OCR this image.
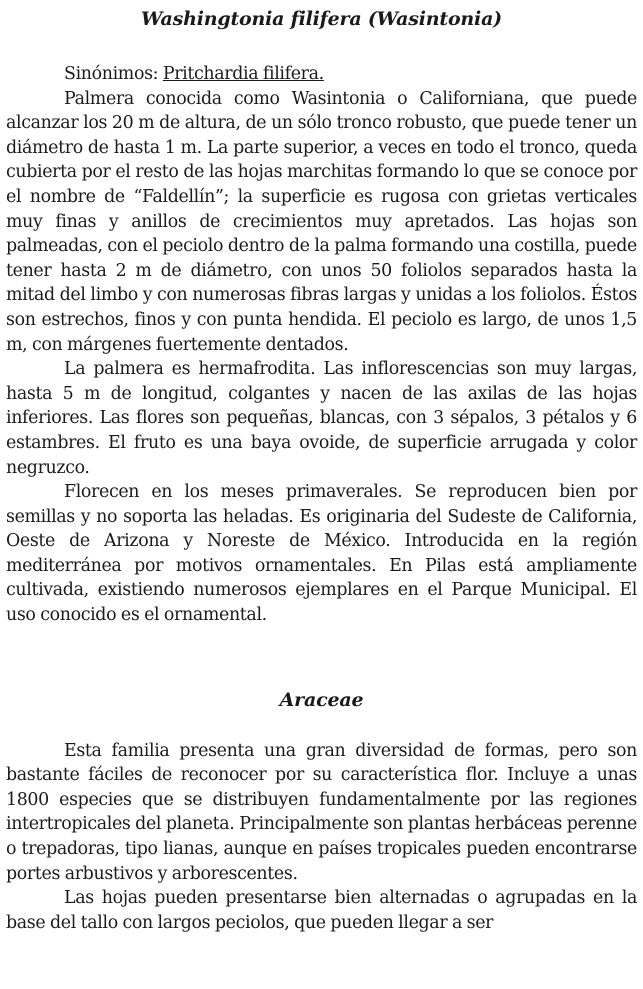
Washingtonia filifera (Wasintonia)

Sinónimos: Pritchardia filifera.

Palmera conocida como Wasintonia o Californiana, que puede alcanzar los 20 m de altura, de un sólo tronco robusto, que puede tener un diámetro de hasta 1 m. La parte superior, a veces en todo el tronco, queda cubierta por el resto de las hojas marchitas formando lo que se conoce por el nombre de “Faldellín”; la superficie es rugosa con grietas verticales muy finas y anillos de crecimientos muy apretados. Las hojas son palmeadas, con el peciolo dentro de la palma formando una costilla, puede tener hasta 2 m de diámetro, con unos 50 foliolos separados hasta la mitad del limbo y con numerosas fibras largas y unidas a los foliolos. Éstos son estrechos, finos y con punta hendida. El peciolo es largo, de unos 1,5 m, con márgenes fuertemente dentados.

La palmera es hermafrodita. Las inflorescencias son muy largas, hasta 5 m de longitud, colgantes y nacen de las axilas de las hojas inferiores. Las flores son pequeñas, blancas, con 3 sépalos, 3 pétalos y 6 estambres. El fruto es una baya ovoide, de superficie arrugada y color negruzco.

Florecen en los meses primaverales. Se reproducen bien por semillas y no soporta las heladas. Es originaria del Sudeste de California, Oeste de Arizona y Noreste de México. Introducida en la región mediterránea por motivos ornamentales. En Pilas está ampliamente cultivada, existiendo numerosos ejemplares en el Parque Municipal. El uso conocido es el ornamental.

Araceae

Esta familia presenta una gran diversidad de formas, pero son bastante fáciles de reconocer por su característica flor. Incluye a unas 1800 especies que se distribuyen fundamentalmente por las regiones intertropicales del planeta. Principalmente son plantas herbáceas perenne o trepadoras, tipo lianas, aunque en países tropicales pueden encontrarse portes arbustivos y arborescentes.

Las hojas pueden presentarse bien alternadas o agrupadas en la base del tallo con largos peciolos, que pueden llegar a ser
